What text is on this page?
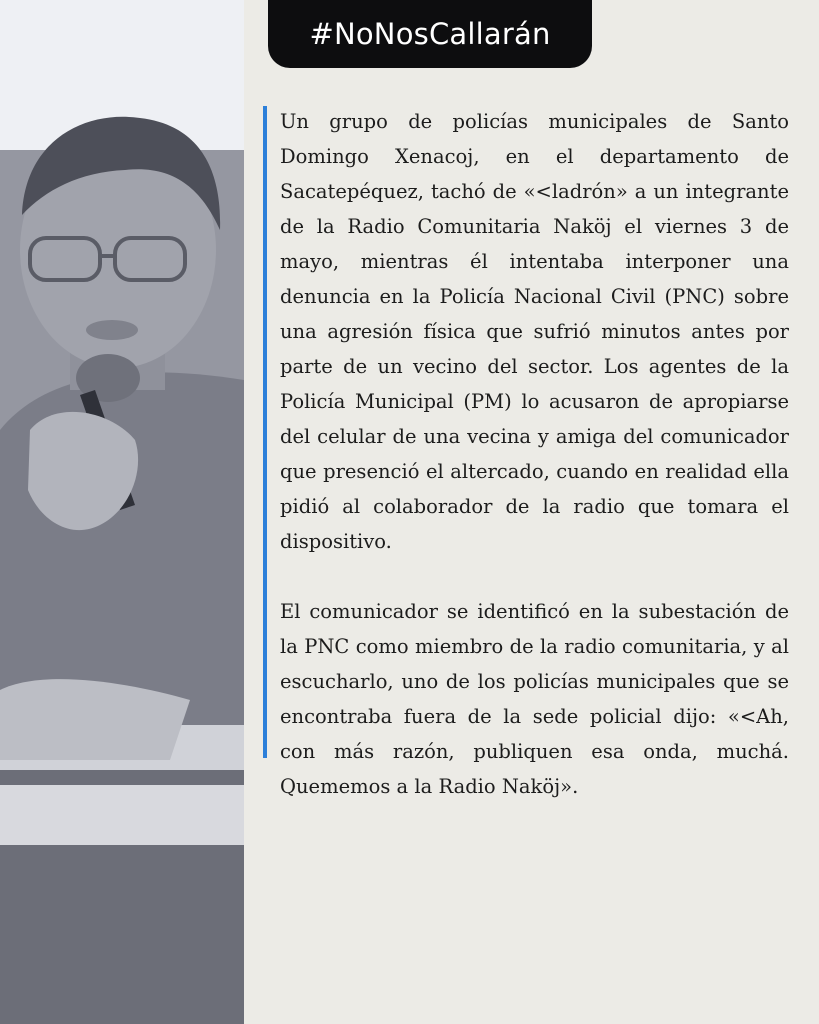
#NoNosCallarán

Un grupo de policías municipales de Santo Domingo Xenacoj, en el departamento de Sacatepéquez, tachó de «<ladrón» a un integrante de la Radio Comunitaria Naköj el viernes 3 de mayo, mientras él intentaba interponer una denuncia en la Policía Nacional Civil (PNC) sobre una agresión física que sufrió minutos antes por parte de un vecino del sector. Los agentes de la Policía Municipal (PM) lo acusaron de apropiarse del celular de una vecina y amiga del comunicador que presenció el altercado, cuando en realidad ella pidió al colaborador de la radio que tomara el dispositivo.

El comunicador se identificó en la subestación de la PNC como miembro de la radio comunitaria, y al escucharlo, uno de los policías municipales que se encontraba fuera de la sede policial dijo: «<Ah, con más razón, publiquen esa onda, muchá. Quememos a la Radio Naköj».
